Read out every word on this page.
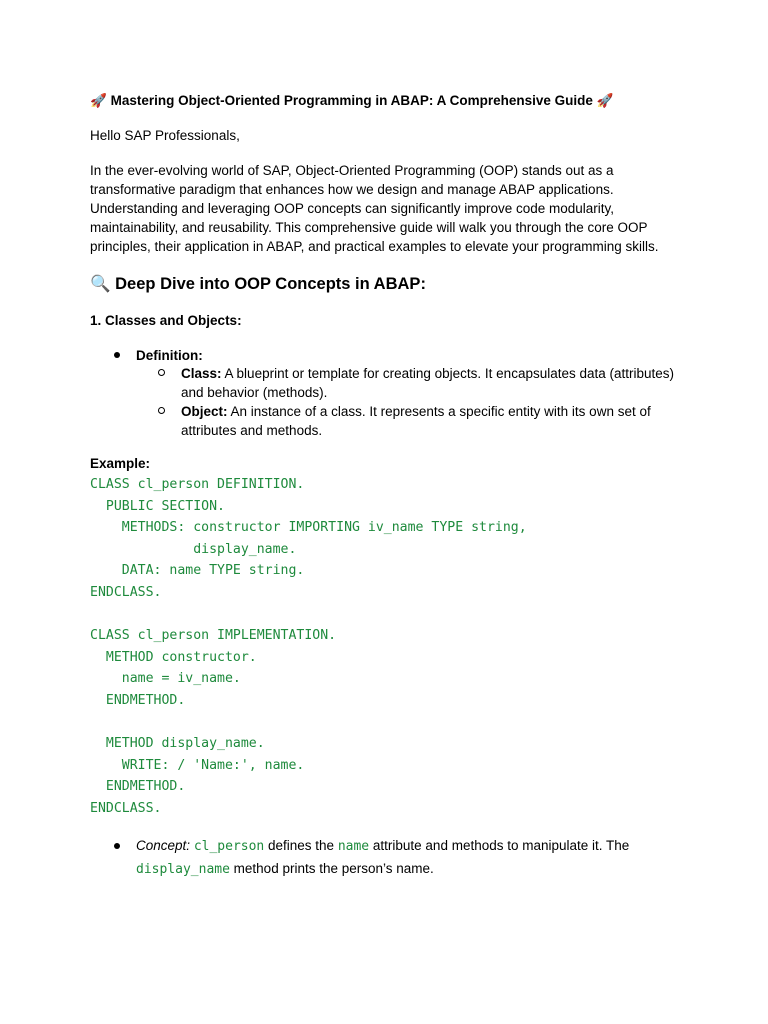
🚀 Mastering Object-Oriented Programming in ABAP: A Comprehensive Guide 🚀
Hello SAP Professionals,
In the ever-evolving world of SAP, Object-Oriented Programming (OOP) stands out as a transformative paradigm that enhances how we design and manage ABAP applications. Understanding and leveraging OOP concepts can significantly improve code modularity, maintainability, and reusability. This comprehensive guide will walk you through the core OOP principles, their application in ABAP, and practical examples to elevate your programming skills.
🔍 Deep Dive into OOP Concepts in ABAP:
1. Classes and Objects:
Definition:
Class: A blueprint or template for creating objects. It encapsulates data (attributes) and behavior (methods).
Object: An instance of a class. It represents a specific entity with its own set of attributes and methods.
Example:
CLASS cl_person DEFINITION.
PUBLIC SECTION.
METHODS: constructor IMPORTING iv_name TYPE string,
display_name.
DATA: name TYPE string.
ENDCLASS.

CLASS cl_person IMPLEMENTATION.
METHOD constructor.
name = iv_name.
ENDMETHOD.

METHOD display_name.
WRITE: / 'Name:', name.
ENDMETHOD.
ENDCLASS.
Concept: cl_person defines the name attribute and methods to manipulate it. The
display_name method prints the person’s name.
